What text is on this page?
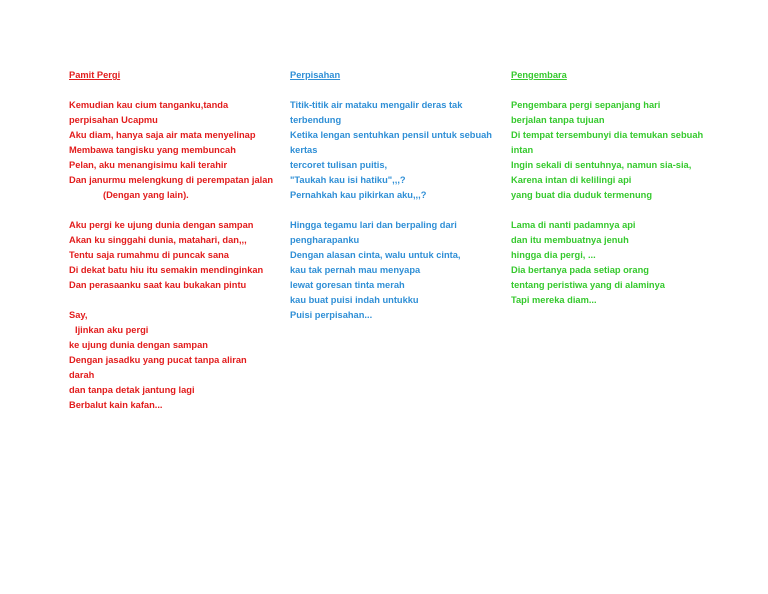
Pamit Pergi
Kemudian kau cium tanganku,tanda perpisahan Ucapmu
Aku diam, hanya saja air mata menyelinap
Membawa tangisku yang membuncah
Pelan, aku menangisimu kali terahir
Dan janurmu melengkung di perempatan jalan
(Dengan yang lain).
Aku pergi ke ujung dunia dengan sampan
Akan ku singgahi dunia, matahari, dan,,,
Tentu saja rumahmu di puncak sana
Di dekat batu hiu itu semakin mendinginkan
Dan perasaanku saat kau bukakan pintu
Say,
Ijinkan aku pergi
ke ujung dunia dengan sampan
Dengan jasadku yang pucat tanpa aliran darah
dan tanpa detak jantung lagi
Berbalut kain kafan...
Perpisahan
Titik-titik air mataku mengalir deras tak terbendung
Ketika lengan sentuhkan pensil untuk sebuah kertas
tercoret tulisan puitis,
"Taukah kau isi hatiku",,,?
Pernahkah kau pikirkan aku,,,?
Hingga tegamu lari dan berpaling dari pengharapanku
Dengan alasan cinta, walu untuk cinta,
kau tak pernah mau menyapa
lewat goresan tinta merah
kau buat puisi indah untukku
Puisi perpisahan...
Pengembara
Pengembara pergi sepanjang hari
berjalan tanpa tujuan
Di tempat tersembunyi dia temukan sebuah intan
Ingin sekali di sentuhnya, namun sia-sia,
Karena intan di kelilingi api
yang buat dia duduk termenung
Lama di nanti padamnya api
dan itu membuatnya jenuh
hingga dia pergi, ...
Dia bertanya pada setiap orang
tentang peristiwa yang di alaminya
Tapi mereka diam...
